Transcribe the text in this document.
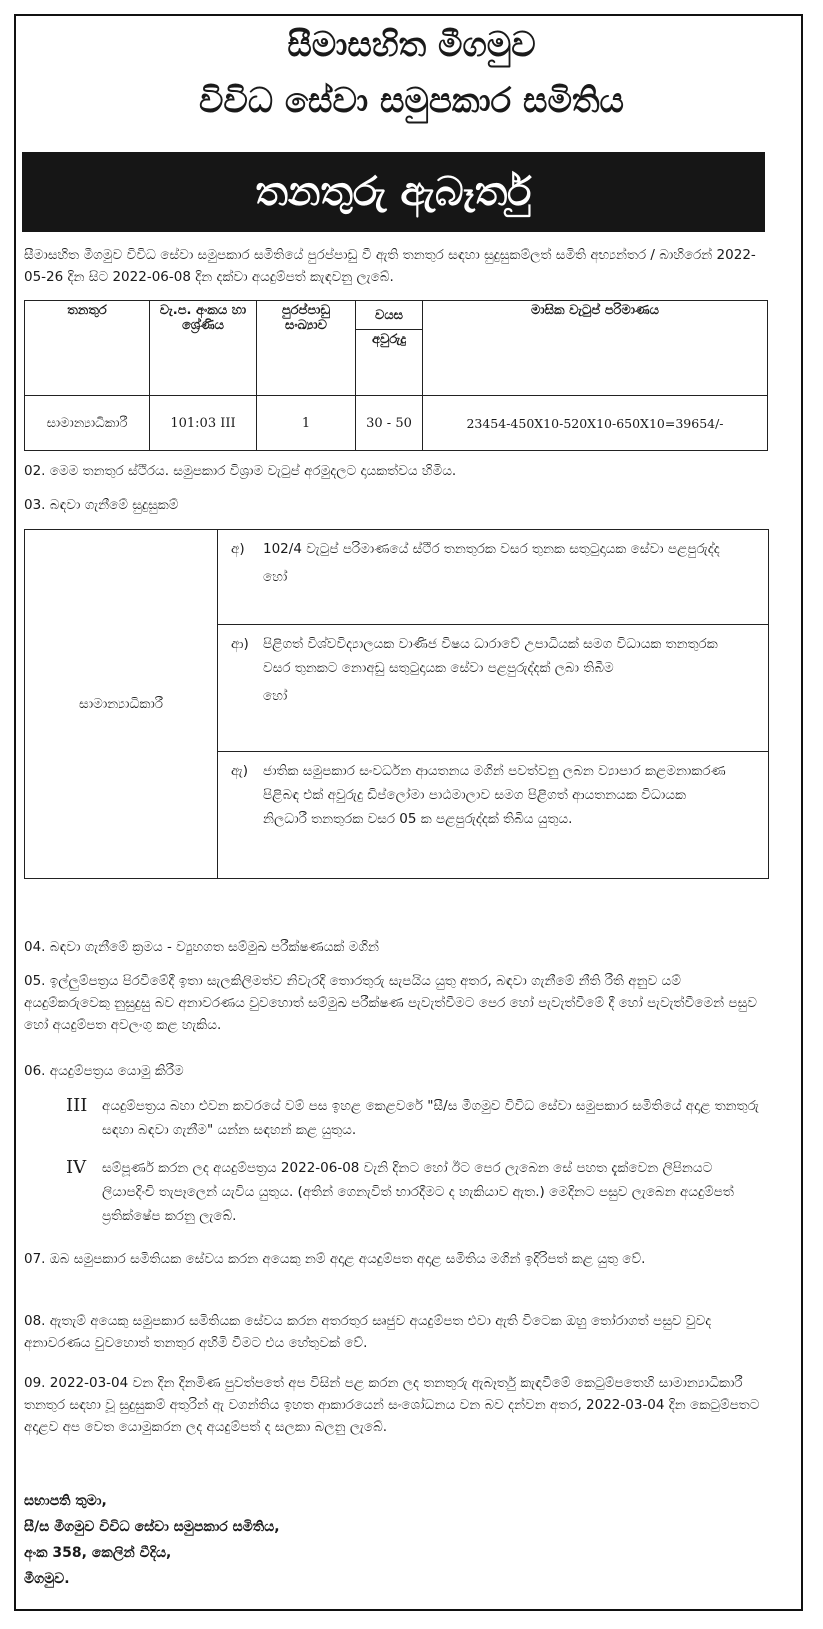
සීමාසහිත මීගමුව
විවිධ සේවා සමුපකාර සමිතිය
තනතුරු ඇබෑර්තු
සීමාසහිත මීගමුව විවිධ සේවා සමුපකාර සමිතියේ පුරප්පාඩු වී ඇති තනතුර සඳහා සුදුසුකම්ලත් සමිති අභ්‍යන්තර / බාහිරෙන් 2022-05-26 දින සිට 2022-06-08 දින දක්වා අයදුම්පත් කැඳවනු ලැබේ.
තනතුර	වැ.ප. අංකය හා ශ්‍රේණිය	පුරප්පාඩු සංඛ්‍යාව	වයස	මාසික වැටුප් පරිමාණය
			අවුරුදු	
සාමාන්‍යාධිකාරී	101:03 III	1	30 - 50	23454-450X10-520X10-650X10=39654/-
02. මෙම තනතුර ස්ථිරය. සමුපකාර විශ්‍රාම වැටුප් අරමුදලට දායකත්වය හිමිය.
03. බඳවා ගැනීමේ සුදුසුකම්
සාමාන්‍යාධිකාරී	
අ) 102/4 වැටුප් පරිමාණයේ ස්ථිර තනතුරක වසර තුනක සතුටුදායක සේවා පළපුරුද්ද
හෝ

ආ) පිළිගත් විශ්වවිද්‍යාලයක වාණිජ විෂය ධාරාවේ උපාධියක් සමග විධායක තනතුරක වසර තුනකට නොඅඩු සතුටුදායක සේවා පළපුරුද්දක් ලබා තිබීම
හෝ

ඇ) ජාතික සමුපකාර සංවර්ධන ආයතනය මගින් පවත්වනු ලබන ව්‍යාපාර කළමනාකරණ පිළිබඳ එක් අවුරුදු ඩිප්ලෝමා පාඨමාලාව සමග පිළිගත් ආයතනයක විධායක නිලධාරී තනතුරක වසර 05 ක පළපුරුද්දක් තිබිය යුතුය.
04. බඳවා ගැනීමේ ක්‍රමය - ව්‍යුහගත සම්මුඛ පරීක්ෂණයක් මගින්
05. ඉල්ලුම්පත්‍රය පිරවීමේදී ඉතා සැලකිලිමත්ව නිවැරදි තොරතුරු සැපයිය යුතු අතර, බඳවා ගැනීමේ නීති රීති අනුව යම් අයදුම්කරුවෙකු නුසුදුසු බව අනාවරණය වුවහොත් සම්මුඛ පරීක්ෂණ පැවැත්වීමට පෙර හෝ පැවැත්වීමේ දී හෝ පැවැත්වීමෙන් පසුව හෝ අයදුම්පත අවලංගු කළ හැකිය.
06. අයදුම්පත්‍රය යොමු කිරීම
III අයදුම්පත්‍රය බහා එවන කවරයේ වම් පස ඉහළ කෙළවරේ "සී/ස මීගමුව විවිධ සේවා සමුපකාර සමිතියේ අදාළ තනතුරු සඳහා බඳවා ගැනීම" යන්න සඳහන් කළ යුතුය.
IV සම්පූර්ණ කරන ලද අයදුම්පත්‍රය 2022-06-08 වැනි දිනට හෝ ඊට පෙර ලැබෙන සේ පහත දැක්වෙන ලිපිනයට ලියාපදිංචි තැපෑලෙන් යැවිය යුතුය. (අතින් ගෙනැවිත් භාරදීමට ද හැකියාව ඇත.) මෙදිනට පසුව ලැබෙන අයදුම්පත් ප්‍රතික්ෂේප කරනු ලැබේ.
07. ඔබ සමුපකාර සමිතියක සේවය කරන අයෙකු නම් අදාළ අයදුම්පත අදාළ සමිතිය මගින් ඉදිරිපත් කළ යුතු වේ.
08. ඇතැම් අයෙකු සමුපකාර සමිතියක සේවය කරන අතරතුර සෘජුව අයදුම්පත එවා ඇති විටෙක ඔහු තෝරාගත් පසුව වුවද අනාවරණය වුවහොත් තනතුර අහිමි වීමට එය හේතුවක් වේ.
09. 2022-03-04 වන දින දිනමිණ පුවත්පතේ අප විසින් පළ කරන ලද තනතුරු ඇබෑර්තු කැඳවීමේ කෙටුම්පතෙහි සාමාන්‍යාධිකාරී තනතුර සඳහා වූ සුදුසුකම් අතුරින් ඇ වගන්තිය ඉහත ආකාරයෙන් සංශෝධනය වන බව දන්වන අතර, 2022-03-04 දින කෙටුම්පතට අදාළව අප වෙත යොමුකරන ලද අයදුම්පත් ද සලකා බලනු ලැබේ.
සභාපති තුමා,
සී/ස මීගමුව විවිධ සේවා සමුපකාර සමිතිය,
අංක 358, කෙලින් වීදිය,
මීගමුව.
